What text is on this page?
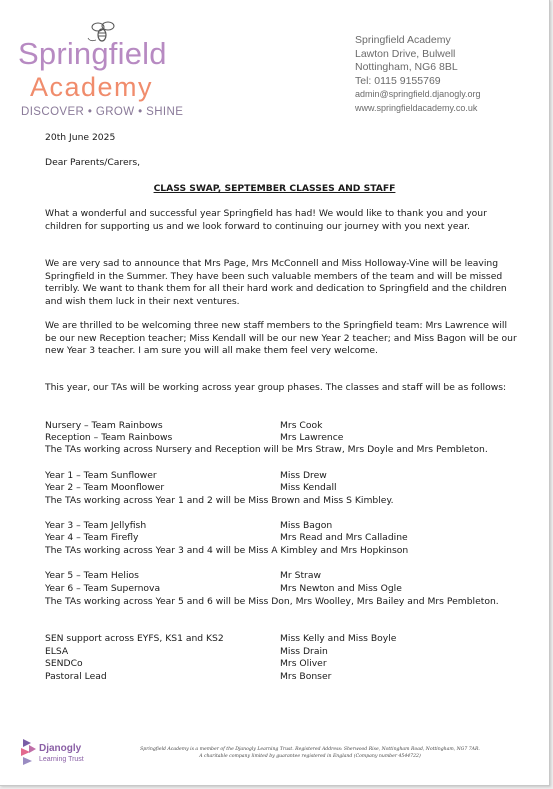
Springfield
Academy
DISCOVER • GROW • SHINE
Springfield Academy
Lawton Drive, Bulwell
Nottingham, NG6 8BL
Tel: 0115 9155769
admin@springfield.djanogly.org
www.springfieldacademy.co.uk
20th June 2025
Dear Parents/Carers,
CLASS SWAP, SEPTEMBER CLASSES AND STAFF
What a wonderful and successful year Springfield has had! We would like to thank you and your children for supporting us and we look forward to continuing our journey with you next year.
We are very sad to announce that Mrs Page, Mrs McConnell and Miss Holloway-Vine will be leaving Springfield in the Summer. They have been such valuable members of the team and will be missed terribly. We want to thank them for all their hard work and dedication to Springfield and the children and wish them luck in their next ventures.
We are thrilled to be welcoming three new staff members to the Springfield team: Mrs Lawrence will be our new Reception teacher; Miss Kendall will be our new Year 2 teacher; and Miss Bagon will be our new Year 3 teacher. I am sure you will all make them feel very welcome.
This year, our TAs will be working across year group phases. The classes and staff will be as follows:
Nursery – Team Rainbows	Mrs Cook
Reception – Team Rainbows	Mrs Lawrence
The TAs working across Nursery and Reception will be Mrs Straw, Mrs Doyle and Mrs Pembleton.
Year 1 – Team Sunflower	Miss Drew
Year 2 – Team Moonflower	Miss Kendall
The TAs working across Year 1 and 2 will be Miss Brown and Miss S Kimbley.
Year 3 – Team Jellyfish	Miss Bagon
Year 4 – Team Firefly	Mrs Read and Mrs Calladine
The TAs working across Year 3 and 4 will be Miss A Kimbley and Mrs Hopkinson
Year 5 – Team Helios	Mr Straw
Year 6 – Team Supernova	Mrs Newton and Miss Ogle
The TAs working across Year 5 and 6 will be Miss Don, Mrs Woolley, Mrs Bailey and Mrs Pembleton.
SEN support across EYFS, KS1 and KS2	Miss Kelly and Miss Boyle
ELSA	Miss Drain
SENDCo	Mrs Oliver
Pastoral Lead	Mrs Bonser
Djanogly
Learning Trust
Springfield Academy is a member of the Djanogly Learning Trust. Registered Address: Sherwood Rise, Nottingham Road, Nottingham, NG7 7AR.
A charitable company limited by guarantee registered in England (Company number 4544722)
